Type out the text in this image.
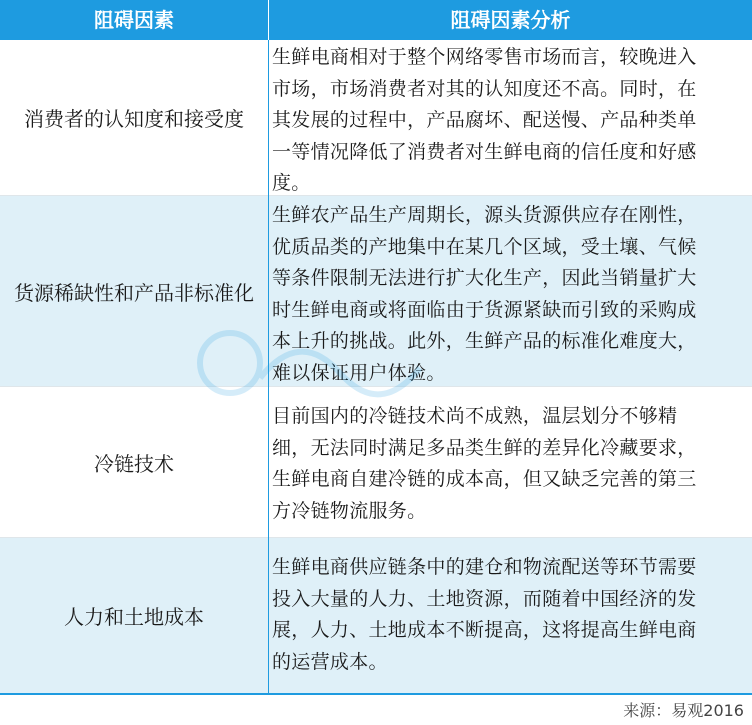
阻碍因素	阻碍因素分析
消费者的认知度和接受度
生鲜电商相对于整个网络零售市场而言，较晚进入
市场，市场消费者对其的认知度还不高。同时，在
其发展的过程中，产品腐坏、配送慢、产品种类单
一等情况降低了消费者对生鲜电商的信任度和好感
度。
货源稀缺性和产品非标准化
生鲜农产品生产周期长，源头货源供应存在刚性，
优质品类的产地集中在某几个区域，受土壤、气候
等条件限制无法进行扩大化生产，因此当销量扩大
时生鲜电商或将面临由于货源紧缺而引致的采购成
本上升的挑战。此外，生鲜产品的标准化难度大，
难以保证用户体验。
冷链技术
目前国内的冷链技术尚不成熟，温层划分不够精
细，无法同时满足多品类生鲜的差异化冷藏要求，
生鲜电商自建冷链的成本高，但又缺乏完善的第三
方冷链物流服务。
人力和土地成本
生鲜电商供应链条中的建仓和物流配送等环节需要
投入大量的人力、土地资源，而随着中国经济的发
展，人力、土地成本不断提高，这将提高生鲜电商
的运营成本。
来源：易观2016
